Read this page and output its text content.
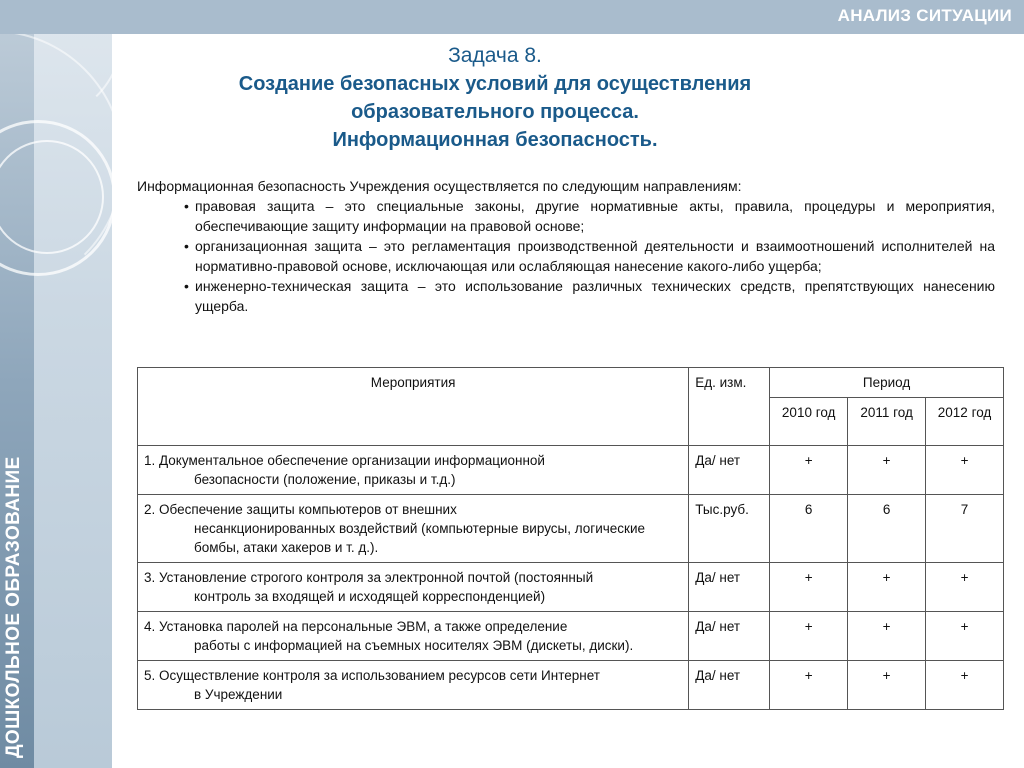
ДОШКОЛЬНОЕ ОБРАЗОВАНИЕ
АНАЛИЗ СИТУАЦИИ
Задача 8.
Создание безопасных условий для осуществления
образовательного процесса.
Информационная безопасность.
Информационная безопасность Учреждения осуществляется по следующим направлениям:
• правовая защита – это специальные законы, другие нормативные акты, правила, процедуры и мероприятия, обеспечивающие защиту информации на правовой основе;
• организационная защита – это регламентация производственной деятельности и взаимоотношений исполнителей на нормативно-правовой основе, исключающая или ослабляющая нанесение какого-либо ущерба;
• инженерно-техническая защита – это использование различных технических средств, препятствующих нанесению ущерба.
Мероприятия	Ед. изм.	Период		
		2010 год	2011 год	2012 год
1. Документальное обеспечение организации информационной
безопасности (положение, приказы и т.д.)	Да/ нет	+	+	+
2. Обеспечение защиты компьютеров от внешних
несанкционированных воздействий (компьютерные вирусы, логические бомбы, атаки хакеров и т. д.).	Тыс.руб.	6	6	7
3. Установление строгого контроля за электронной почтой (постоянный
контроль за входящей и исходящей корреспонденцией)	Да/ нет	+	+	+
4. Установка паролей на персональные ЭВМ, а также определение
работы с информацией на съемных носителях ЭВМ (дискеты, диски).	Да/ нет	+	+	+
5. Осуществление контроля за использованием ресурсов сети Интернет
в Учреждении	Да/ нет	+	+	+
